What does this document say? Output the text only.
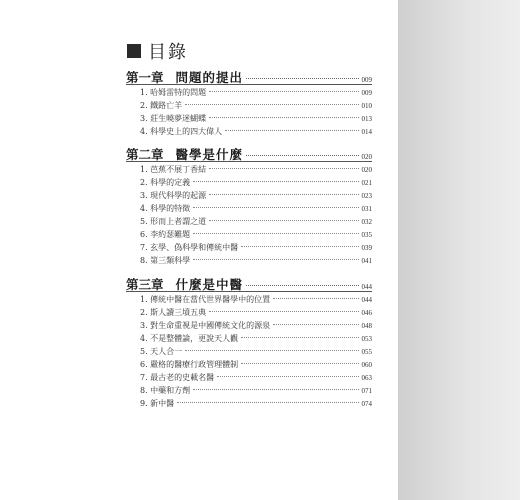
目錄
第一章 問題的提出	009
1. 哈姆雷特的問題	009
2. 鐵路亡羊	010
3. 莊生曉夢迷蝴蝶	013
4. 科學史上的四大偉人	014
第二章 醫學是什麼	020
1. 芭蕉不展丁香結	020
2. 科學的定義	021
3. 現代科學的起源	023
4. 科學的特徵	031
5. 形而上者謂之道	032
6. 李約瑟難題	035
7. 玄學、偽科學和傳統中醫	039
8. 第三類科學	041
第三章 什麼是中醫	044
1. 傳統中醫在當代世界醫學中的位置	044
2. 斯人讀三墳五典	046
3. 對生命重視是中國傳統文化的源泉	048
4. 不是整體論，更說天人觀	053
5. 天人合一	055
6. 嚴格的醫療行政管理體制	060
7. 最古老的史載名醫	063
8. 中藥和方劑	071
9. 新中醫	074
